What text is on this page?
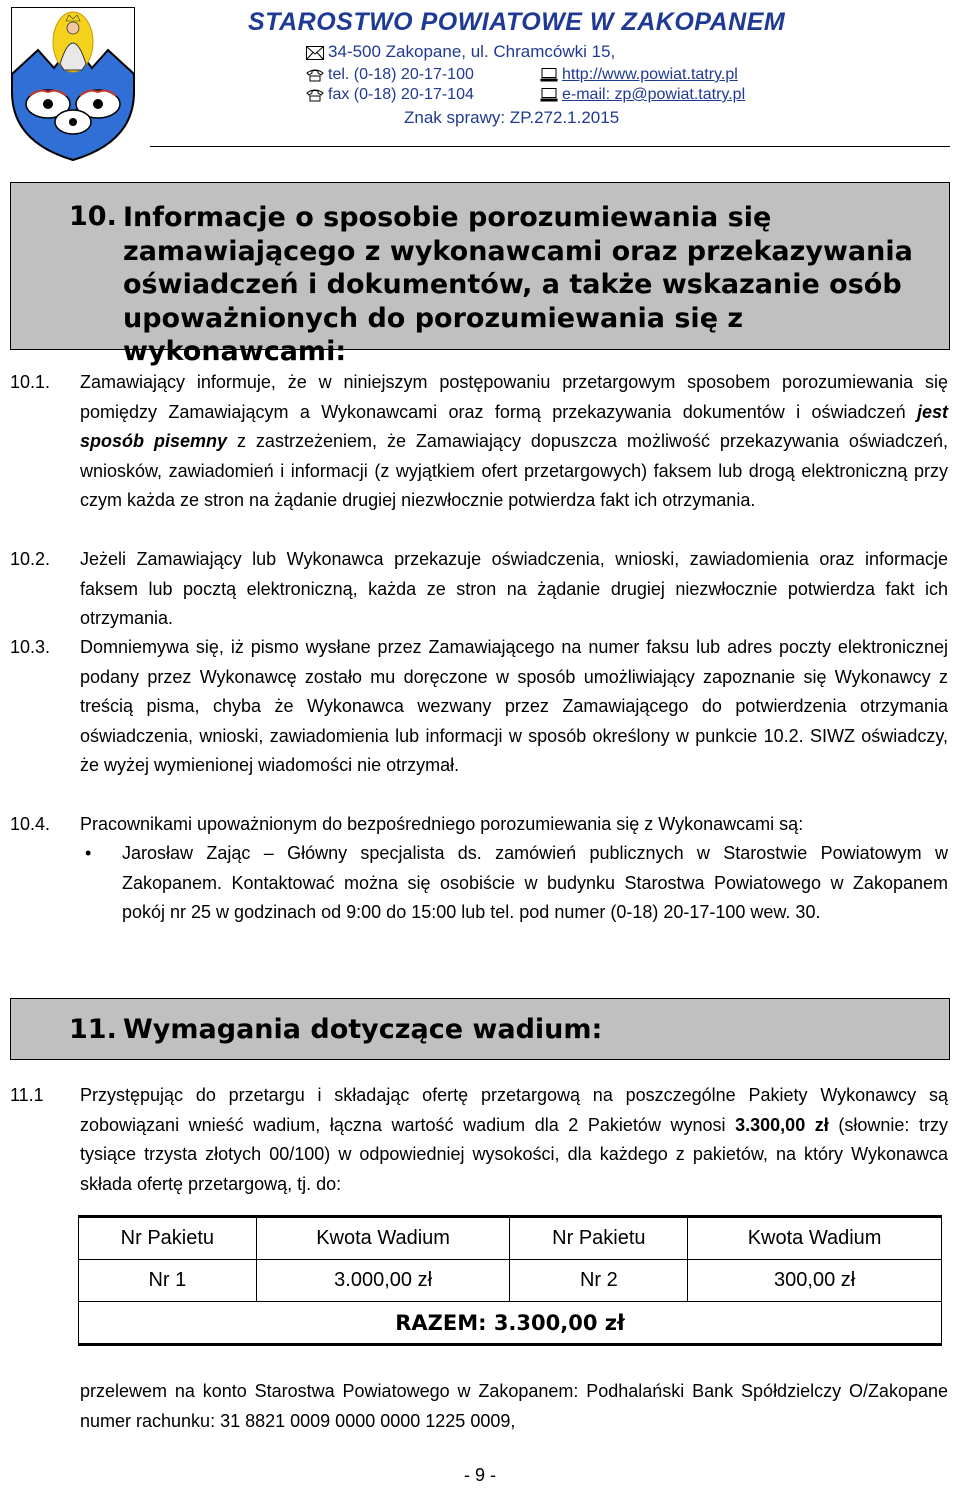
STAROSTWO POWIATOWE W ZAKOPANEM
34-500 Zakopane, ul. Chramcówki 15,
tel. (0-18) 20-17-100
fax (0-18) 20-17-104
http://www.powiat.tatry.pl
e-mail: zp@powiat.tatry.pl
Znak sprawy: ZP.272.1.2015
10. Informacje o sposobie porozumiewania się zamawiającego z wykonawcami oraz przekazywania oświadczeń i dokumentów, a także wskazanie osób upoważnionych do porozumiewania się z wykonawcami:
10.1. Zamawiający informuje, że w niniejszym postępowaniu przetargowym sposobem porozumiewania się pomiędzy Zamawiającym a Wykonawcami oraz formą przekazywania dokumentów i oświadczeń jest sposób pisemny z zastrzeżeniem, że Zamawiający dopuszcza możliwość przekazywania oświadczeń, wniosków, zawiadomień i informacji (z wyjątkiem ofert przetargowych) faksem lub drogą elektroniczną przy czym każda ze stron na żądanie drugiej niezwłocznie potwierdza fakt ich otrzymania.
10.2. Jeżeli Zamawiający lub Wykonawca przekazuje oświadczenia, wnioski, zawiadomienia oraz informacje faksem lub pocztą elektroniczną, każda ze stron na żądanie drugiej niezwłocznie potwierdza fakt ich otrzymania.
10.3. Domniemywa się, iż pismo wysłane przez Zamawiającego na numer faksu lub adres poczty elektronicznej podany przez Wykonawcę zostało mu doręczone w sposób umożliwiający zapoznanie się Wykonawcy z treścią pisma, chyba że Wykonawca wezwany przez Zamawiającego do potwierdzenia otrzymania oświadczenia, wnioski, zawiadomienia lub informacji w sposób określony w punkcie 10.2. SIWZ oświadczy, że wyżej wymienionej wiadomości nie otrzymał.
10.4. Pracownikami upoważnionym do bezpośredniego porozumiewania się z Wykonawcami są:
• Jarosław Zając – Główny specjalista ds. zamówień publicznych w Starostwie Powiatowym w Zakopanem. Kontaktować można się osobiście w budynku Starostwa Powiatowego w Zakopanem pokój nr 25 w godzinach od 9:00 do 15:00 lub tel. pod numer (0-18) 20-17-100 wew. 30.
11. Wymagania dotyczące wadium:
11.1 Przystępując do przetargu i składając ofertę przetargową na poszczególne Pakiety Wykonawcy są zobowiązani wnieść wadium, łączna wartość wadium dla 2 Pakietów wynosi 3.300,00 zł (słownie: trzy tysiące trzysta złotych 00/100) w odpowiedniej wysokości, dla każdego z pakietów, na który Wykonawca składa ofertę przetargową, tj. do:
Nr Pakietu	Kwota Wadium	Nr Pakietu	Kwota Wadium
Nr 1	3.000,00 zł	Nr 2	300,00 zł
RAZEM: 3.300,00 zł			
przelewem na konto Starostwa Powiatowego w Zakopanem: Podhalański Bank Spółdzielczy O/Zakopane numer rachunku: 31 8821 0009 0000 0000 1225 0009,
- 9 -
